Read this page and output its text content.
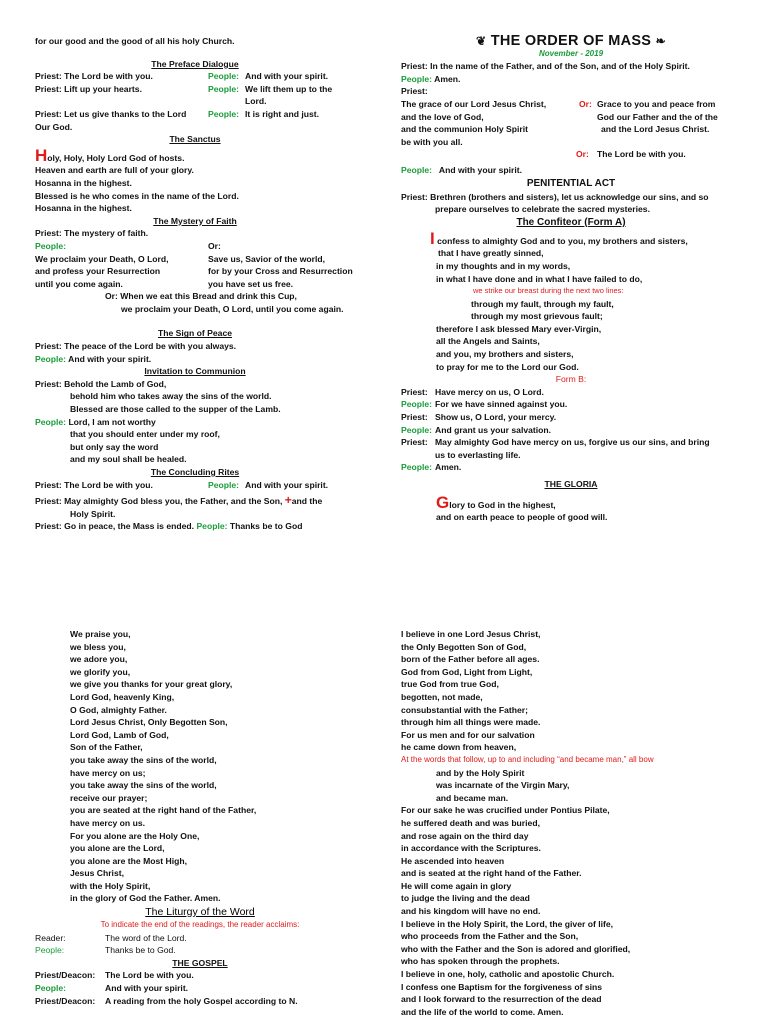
for our good and the good of all his holy Church.
The Preface Dialogue
Priest: The Lord be with you.	People: And with your spirit.
Priest: Lift up your hearts.	People: We lift them up to the
Lord.
Priest: Let us give thanks to the Lord	People: It is right and just.
Our God.
The Sanctus
Holy, Holy, Holy Lord God of hosts.
Heaven and earth are full of your glory.
Hosanna in the highest.
Blessed is he who comes in the name of the Lord.
Hosanna in the highest.
The Mystery of Faith
Priest: The mystery of faith.
People:	Or:
We proclaim your Death, O Lord,	Save us, Savior of the world,
and profess your Resurrection	for by your Cross and Resurrection
until you come again.	you have set us free.
Or: When we eat this Bread and drink this Cup,
we proclaim your Death, O Lord, until you come again.
The Sign of Peace
Priest: The peace of the Lord be with you always.
People: And with your spirit.
Invitation to Communion
Priest: Behold the Lamb of God,
behold him who takes away the sins of the world.
Blessed are those called to the supper of the Lamb.
People: Lord, I am not worthy
that you should enter under my roof,
but only say the word
and my soul shall be healed.
The Concluding Rites
Priest: The Lord be with you.	People: And with your spirit.
Priest: May almighty God bless you, the Father, and the Son, +and the
Holy Spirit.
Priest: Go in peace, the Mass is ended. People: Thanks be to God
❦ THE ORDER OF MASS ❧
November - 2019
Priest: In the name of the Father, and of the Son, and of the Holy Spirit.
People: Amen.
Priest:
The grace of our Lord Jesus Christ,	Or: Grace to you and peace from
and the love of God,	God our Father and the of the
and the communion Holy Spirit	and the Lord Jesus Christ.
be with you all.
Or: The Lord be with you.
People: And with your spirit.
PENITENTIAL ACT
Priest: Brethren (brothers and sisters), let us acknowledge our sins, and so
prepare ourselves to celebrate the sacred mysteries.
The Confiteor (Form A)
I confess to almighty God and to you, my brothers and sisters,
that I have greatly sinned,
in my thoughts and in my words,
in what I have done and in what I have failed to do,
we strike our breast during the next two lines:
through my fault, through my fault,
through my most grievous fault;
therefore I ask blessed Mary ever-Virgin,
all the Angels and Saints,
and you, my brothers and sisters,
to pray for me to the Lord our God.
Form B:
Priest: Have mercy on us, O Lord.
People: For we have sinned against you.
Priest: Show us, O Lord, your mercy.
People: And grant us your salvation.
Priest: May almighty God have mercy on us, forgive us our sins, and bring
us to everlasting life.
People: Amen.
THE GLORIA
Glory to God in the highest,
and on earth peace to people of good will.
We praise you,
we bless you,
we adore you,
we glorify you,
we give you thanks for your great glory,
Lord God, heavenly King,
O God, almighty Father.
Lord Jesus Christ, Only Begotten Son,
Lord God, Lamb of God,
Son of the Father,
you take away the sins of the world,
have mercy on us;
you take away the sins of the world,
receive our prayer;
you are seated at the right hand of the Father,
have mercy on us.
For you alone are the Holy One,
you alone are the Lord,
you alone are the Most High,
Jesus Christ,
with the Holy Spirit,
in the glory of God the Father. Amen.
The Liturgy of the Word
To indicate the end of the readings, the reader acclaims:
Reader:	The word of the Lord.
People:	Thanks be to God.
THE GOSPEL
Priest/Deacon: The Lord be with you.
People:	And with your spirit.
Priest/Deacon: A reading from the holy Gospel according to N.
I believe in one Lord Jesus Christ,
the Only Begotten Son of God,
born of the Father before all ages.
God from God, Light from Light,
true God from true God,
begotten, not made,
consubstantial with the Father;
through him all things were made.
For us men and for our salvation
he came down from heaven,
At the words that follow, up to and including “and became man,” all bow
and by the Holy Spirit
was incarnate of the Virgin Mary,
and became man.
For our sake he was crucified under Pontius Pilate,
he suffered death and was buried,
and rose again on the third day
in accordance with the Scriptures.
He ascended into heaven
and is seated at the right hand of the Father.
He will come again in glory
to judge the living and the dead
and his kingdom will have no end.
I believe in the Holy Spirit, the Lord, the giver of life,
who proceeds from the Father and the Son,
who with the Father and the Son is adored and glorified,
who has spoken through the prophets.
I believe in one, holy, catholic and apostolic Church.
I confess one Baptism for the forgiveness of sins
and I look forward to the resurrection of the dead
and the life of the world to come. Amen.
